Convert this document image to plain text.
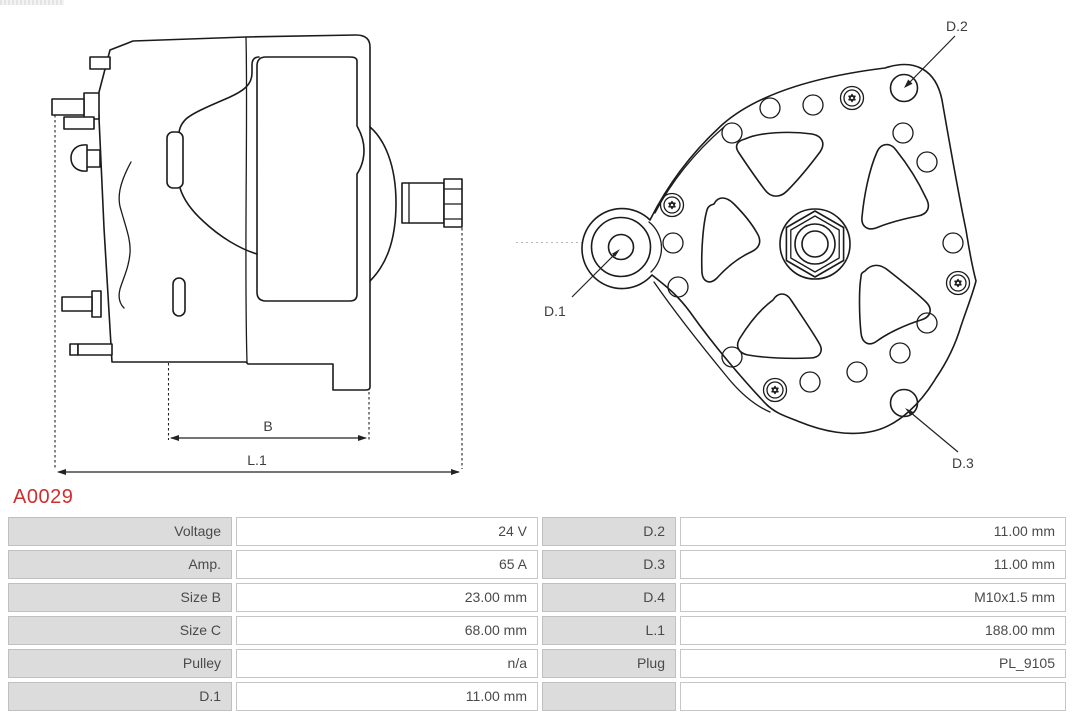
B
L.1
D.2
D.1
D.3
A0029
Voltage	24 V	D.2	11.00 mm
Amp.	65 A	D.3	11.00 mm
Size B	23.00 mm	D.4	M10x1.5 mm
Size C	68.00 mm	L.1	188.00 mm
Pulley	n/a	Plug	PL_9105
D.1	11.00 mm
